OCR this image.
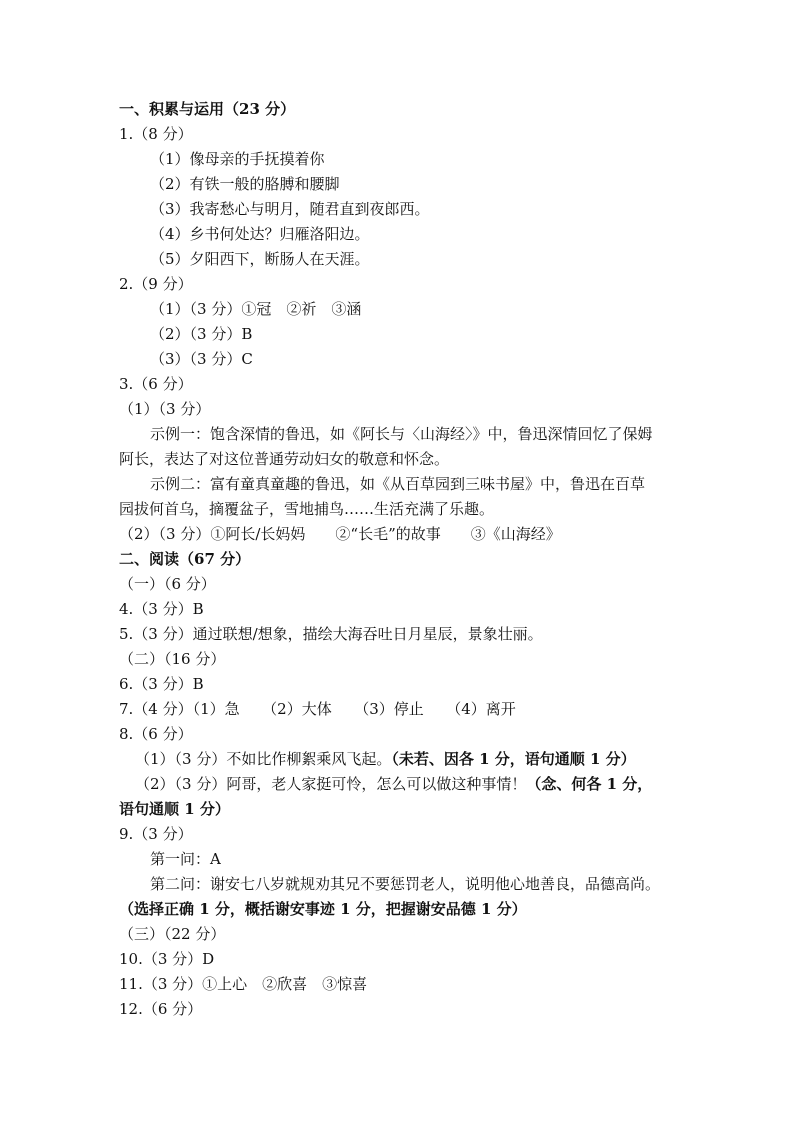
一、积累与运用（23 分）
1.（8 分）
（1）像母亲的手抚摸着你
（2）有铁一般的胳膊和腰脚
（3）我寄愁心与明月，随君直到夜郎西。
（4）乡书何处达？归雁洛阳边。
（5）夕阳西下，断肠人在天涯。
2.（9 分）
（1）（3 分）①冠　②祈　③涵
（2）（3 分）B
（3）（3 分）C
3.（6 分）
（1）（3 分）
示例一：饱含深情的鲁迅，如《阿长与〈山海经〉》中，鲁迅深情回忆了保姆
阿长，表达了对这位普通劳动妇女的敬意和怀念。
示例二：富有童真童趣的鲁迅，如《从百草园到三味书屋》中，鲁迅在百草
园拔何首乌，摘覆盆子，雪地捕鸟……生活充满了乐趣。
（2）（3 分）①阿长/长妈妈　　②“长毛”的故事　　③《山海经》
二、阅读（67 分）
（一）（6 分）
4.（3 分）B
5.（3 分）通过联想/想象，描绘大海吞吐日月星辰，景象壮丽。
（二）（16 分）
6.（3 分）B
7.（4 分）（1）急　　（2）大体　　（3）停止　　（4）离开
8.（6 分）
（1）（3 分）不如比作柳絮乘风飞起。（未若、因各 1 分，语句通顺 1 分）
（2）（3 分）阿哥，老人家挺可怜，怎么可以做这种事情！（念、何各 1 分，
语句通顺 1 分）
9.（3 分）
第一问：A
第二问：谢安七八岁就规劝其兄不要惩罚老人，说明他心地善良，品德高尚。
（选择正确 1 分，概括谢安事迹 1 分，把握谢安品德 1 分）
（三）（22 分）
10.（3 分）D
11.（3 分）①上心　②欣喜　③惊喜
12.（6 分）
